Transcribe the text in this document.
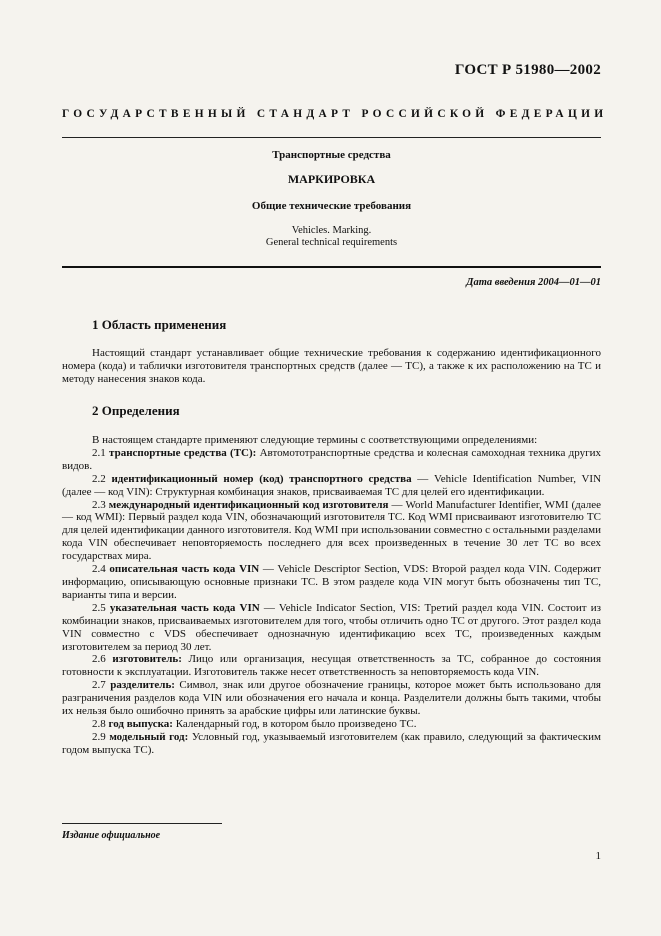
ГОСТ Р 51980—2002
ГОСУДАРСТВЕННЫЙ СТАНДАРТ РОССИЙСКОЙ ФЕДЕРАЦИИ
Транспортные средства
МАРКИРОВКА
Общие технические требования
Vehicles. Marking.
General technical requirements
Дата введения 2004—01—01
1 Область применения

Настоящий стандарт устанавливает общие технические требования к содержанию идентификационного номера (кода) и таблички изготовителя транспортных средств (далее — ТС), а также к их расположению на ТС и методу нанесения знаков кода.

2 Определения

В настоящем стандарте применяют следующие термины с соответствующими определениями:

2.1 транспортные средства (ТС): Автомототранспортные средства и колесная самоходная техника других видов.

2.2 идентификационный номер (код) транспортного средства — Vehicle Identification Number, VIN (далее — код VIN): Структурная комбинация знаков, присваиваемая ТС для целей его идентификации.

2.3 международный идентификационный код изготовителя — World Manufacturer Identifier, WMI (далее — код WMI): Первый раздел кода VIN, обозначающий изготовителя ТС. Код WMI присваивают изготовителю ТС для целей идентификации данного изготовителя. Код WMI при использовании совместно с остальными разделами кода VIN обеспечивает неповторяемость последнего для всех произведенных в течение 30 лет ТС во всех государствах мира.

2.4 описательная часть кода VIN — Vehicle Descriptor Section, VDS: Второй раздел кода VIN. Содержит информацию, описывающую основные признаки ТС. В этом разделе кода VIN могут быть обозначены тип ТС, варианты типа и версии.

2.5 указательная часть кода VIN — Vehicle Indicator Section, VIS: Третий раздел кода VIN. Состоит из комбинации знаков, присваиваемых изготовителем для того, чтобы отличить одно ТС от другого. Этот раздел кода VIN совместно с VDS обеспечивает однозначную идентификацию всех ТС, произведенных каждым изготовителем за период 30 лет.

2.6 изготовитель: Лицо или организация, несущая ответственность за ТС, собранное до состояния готовности к эксплуатации. Изготовитель также несет ответственность за неповторяемость кода VIN.

2.7 разделитель: Символ, знак или другое обозначение границы, которое может быть использовано для разграничения разделов кода VIN или обозначения его начала и конца. Разделители должны быть такими, чтобы их нельзя было ошибочно принять за арабские цифры или латинские буквы.

2.8 год выпуска: Календарный год, в котором было произведено ТС.

2.9 модельный год: Условный год, указываемый изготовителем (как правило, следующий за фактическим годом выпуска ТС).

Издание официальное
1
